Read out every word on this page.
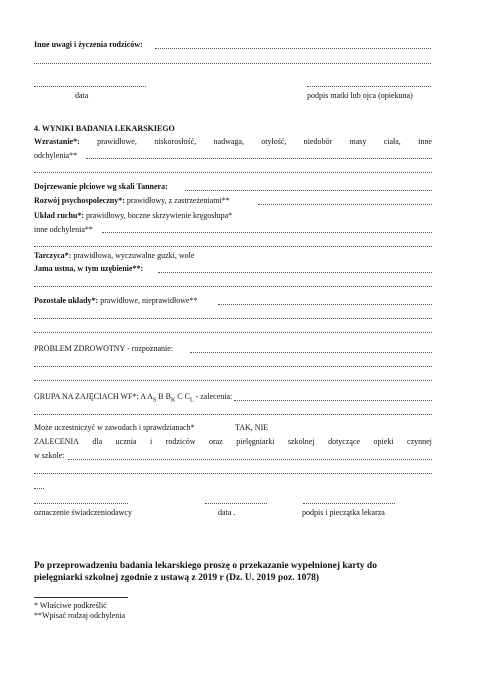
Inne uwagi i życzenia rodziców:
data	podpis matki lub ojca (opiekuna)
4. WYNIKI BADANIA LEKARSKIEGO
Wzrastanie*: prawidłowe, niskorosłość, nadwaga, otyłość, niedobór masy ciała, inne
odchylenia**
Dojrzewanie płciowe wg skali Tannera:
Rozwój psychospoleczny*: prawidłowy, z zastrzeżeniami**
Układ ruchu*: prawidłowy, boczne skrzywienie kręgosłupa*
inne odchylenia**
Tarczyca*: prawidłowa, wyczuwalne guzki, wole
Jama ustna, w tym uzębienie**:
Pozostałe układy*: prawidłowe, nieprawidłowe**
PROBLEM ZDROWOTNY - rozpoznanie:
GRUPA NA ZAJĘCIACH WF*: A $A_S$ B $B_K$ C $C_L$ - zalecenia:
Może uczestniczyć w zawodach i sprawdzianach*	TAK, NIE
ZALECENIA dla ucznia i rodziców oraz pielęgniarki szkolnej dotyczące opieki czynnej
w szkole:
oznaczenie świadczeniodawcy	data .	podpis i pieczątka lekarza
Po przeprowadzeniu badania lekarskiego proszę o przekazanie wypełnionej karty do
pielęgniarki szkolnej zgodnie z ustawą z 2019 r (Dz. U. 2019 poz. 1078)
* Właściwe podkreślić
**Wpisać rodzaj odchylenia
